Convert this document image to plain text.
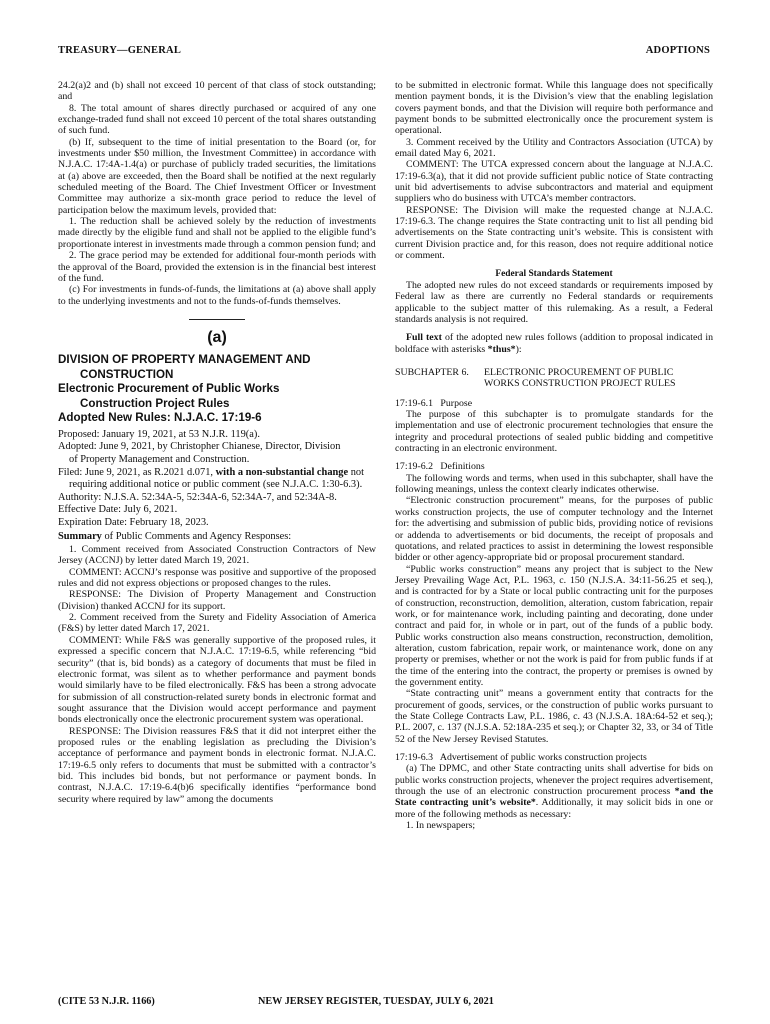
TREASURY—GENERAL	ADOPTIONS

24.2(a)2 and (b) shall not exceed 10 percent of that class of stock outstanding; and

8. The total amount of shares directly purchased or acquired of any one exchange-traded fund shall not exceed 10 percent of the total shares outstanding of such fund.

(b) If, subsequent to the time of initial presentation to the Board (or, for investments under $50 million, the Investment Committee) in accordance with N.J.A.C. 17:4A-1.4(a) or purchase of publicly traded securities, the limitations at (a) above are exceeded, then the Board shall be notified at the next regularly scheduled meeting of the Board. The Chief Investment Officer or Investment Committee may authorize a six-month grace period to reduce the level of participation below the maximum levels, provided that:

1. The reduction shall be achieved solely by the reduction of investments made directly by the eligible fund and shall not be applied to the eligible fund’s proportionate interest in investments made through a common pension fund; and

2. The grace period may be extended for additional four-month periods with the approval of the Board, provided the extension is in the financial best interest of the fund.

(c) For investments in funds-of-funds, the limitations at (a) above shall apply to the underlying investments and not to the funds-of-funds themselves.

(a)
DIVISION OF PROPERTY MANAGEMENT AND
CONSTRUCTION
Electronic Procurement of Public Works
Construction Project Rules
Adopted New Rules: N.J.A.C. 17:19-6
Proposed: January 19, 2021, at 53 N.J.R. 119(a).
Adopted: June 9, 2021, by Christopher Chianese, Director, Division
of Property Management and Construction.
Filed: June 9, 2021, as R.2021 d.071, with a non-substantial change not requiring additional notice or public comment (see N.J.A.C. 1:30-6.3).
Authority: N.J.S.A. 52:34A-5, 52:34A-6, 52:34A-7, and 52:34A-8.
Effective Date: July 6, 2021.
Expiration Date: February 18, 2023.
Summary of Public Comments and Agency Responses:

1. Comment received from Associated Construction Contractors of New Jersey (ACCNJ) by letter dated March 19, 2021.

COMMENT: ACCNJ’s response was positive and supportive of the proposed rules and did not express objections or proposed changes to the rules.

RESPONSE: The Division of Property Management and Construction (Division) thanked ACCNJ for its support.

2. Comment received from the Surety and Fidelity Association of America (F&S) by letter dated March 17, 2021.

COMMENT: While F&S was generally supportive of the proposed rules, it expressed a specific concern that N.J.A.C. 17:19-6.5, while referencing “bid security” (that is, bid bonds) as a category of documents that must be filed in electronic format, was silent as to whether performance and payment bonds would similarly have to be filed electronically. F&S has been a strong advocate for submission of all construction-related surety bonds in electronic format and sought assurance that the Division would accept performance and payment bonds electronically once the electronic procurement system was operational.

RESPONSE: The Division reassures F&S that it did not interpret either the proposed rules or the enabling legislation as precluding the Division’s acceptance of performance and payment bonds in electronic format. N.J.A.C. 17:19-6.5 only refers to documents that must be submitted with a contractor’s bid. This includes bid bonds, but not performance or payment bonds. In contrast, N.J.A.C. 17:19-6.4(b)6 specifically identifies “performance bond security where required by law” among the documents

to be submitted in electronic format. While this language does not specifically mention payment bonds, it is the Division’s view that the enabling legislation covers payment bonds, and that the Division will require both performance and payment bonds to be submitted electronically once the procurement system is operational.

3. Comment received by the Utility and Contractors Association (UTCA) by email dated May 6, 2021.

COMMENT: The UTCA expressed concern about the language at N.J.A.C. 17:19-6.3(a), that it did not provide sufficient public notice of State contracting unit bid advertisements to advise subcontractors and material and equipment suppliers who do business with UTCA’s member contractors.

RESPONSE: The Division will make the requested change at N.J.A.C. 17:19-6.3. The change requires the State contracting unit to list all pending bid advertisements on the State contracting unit’s website. This is consistent with current Division practice and, for this reason, does not require additional notice or comment.

Federal Standards Statement

The adopted new rules do not exceed standards or requirements imposed by Federal law as there are currently no Federal standards or requirements applicable to the subject matter of this rulemaking. As a result, a Federal standards analysis is not required.

Full text of the adopted new rules follows (addition to proposal indicated in boldface with asterisks *thus*):

SUBCHAPTER 6.	ELECTRONIC PROCUREMENT OF PUBLIC
WORKS CONSTRUCTION PROJECT RULES

17:19-6.1   Purpose

The purpose of this subchapter is to promulgate standards for the implementation and use of electronic procurement technologies that ensure the integrity and procedural protections of sealed public bidding and competitive contracting in an electronic environment.

17:19-6.2   Definitions

The following words and terms, when used in this subchapter, shall have the following meanings, unless the context clearly indicates otherwise.

“Electronic construction procurement” means, for the purposes of public works construction projects, the use of computer technology and the Internet for: the advertising and submission of public bids, providing notice of revisions or addenda to advertisements or bid documents, the receipt of proposals and quotations, and related practices to assist in determining the lowest responsible bidder or other agency-appropriate bid or proposal procurement standard.

“Public works construction” means any project that is subject to the New Jersey Prevailing Wage Act, P.L. 1963, c. 150 (N.J.S.A. 34:11-56.25 et seq.), and is contracted for by a State or local public contracting unit for the purposes of construction, reconstruction, demolition, alteration, custom fabrication, repair work, or for maintenance work, including painting and decorating, done under contract and paid for, in whole or in part, out of the funds of a public body. Public works construction also means construction, reconstruction, demolition, alteration, custom fabrication, repair work, or maintenance work, done on any property or premises, whether or not the work is paid for from public funds if at the time of the entering into the contract, the property or premises is owned by the government entity.

“State contracting unit” means a government entity that contracts for the procurement of goods, services, or the construction of public works pursuant to the State College Contracts Law, P.L. 1986, c. 43 (N.J.S.A. 18A:64-52 et seq.); P.L. 2007, c. 137 (N.J.S.A. 52:18A-235 et seq.); or Chapter 32, 33, or 34 of Title 52 of the New Jersey Revised Statutes.

17:19-6.3   Advertisement of public works construction projects

(a) The DPMC, and other State contracting units shall advertise for bids on public works construction projects, whenever the project requires advertisement, through the use of an electronic construction procurement process *and the State contracting unit’s website*. Additionally, it may solicit bids in one or more of the following methods as necessary:

1. In newspapers;

(CITE 53 N.J.R. 1166)	NEW JERSEY REGISTER, TUESDAY, JULY 6, 2021
